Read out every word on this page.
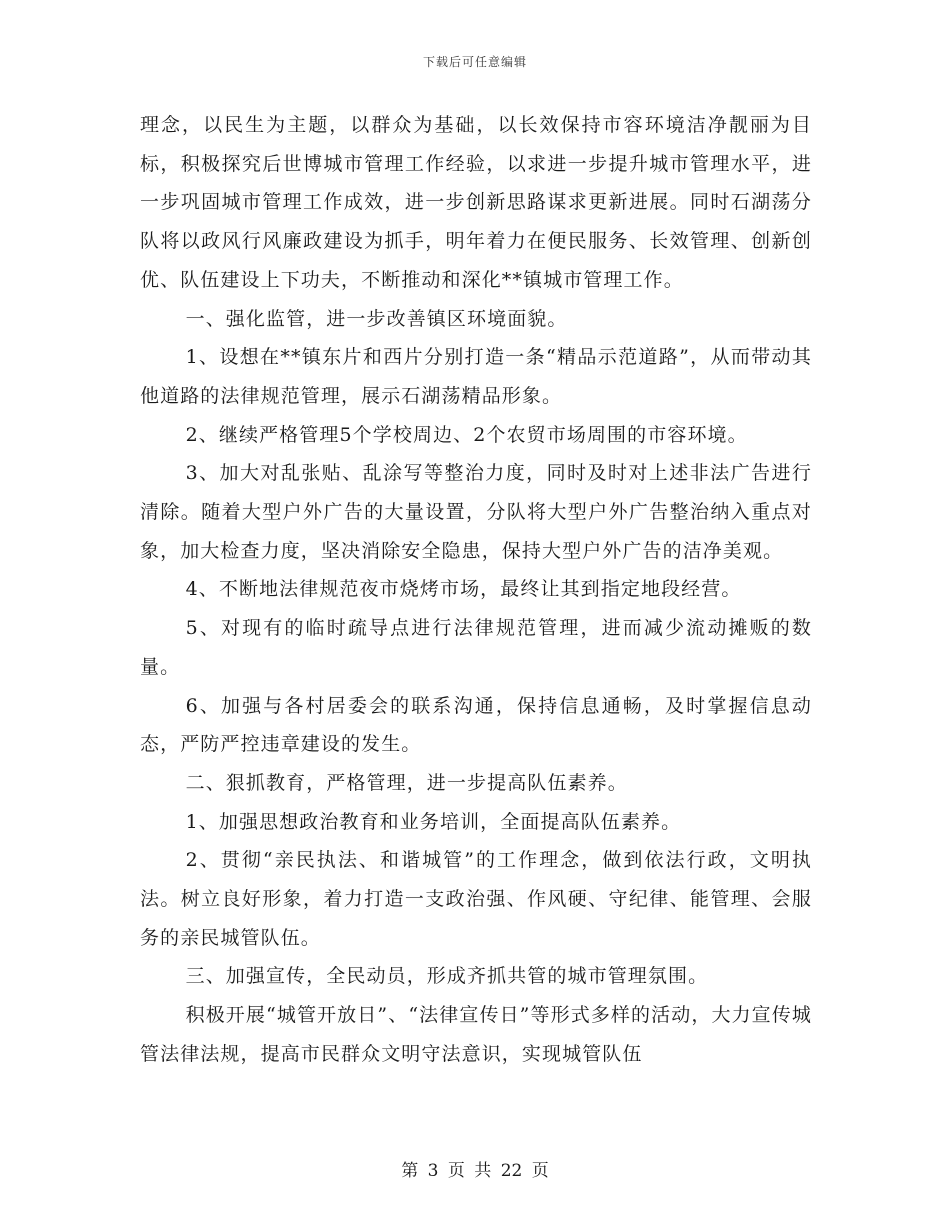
下载后可任意编辑

理念，以民生为主题，以群众为基础，以长效保持市容环境洁净靓丽为目标，积极探究后世博城市管理工作经验，以求进一步提升城市管理水平，进一步巩固城市管理工作成效，进一步创新思路谋求更新进展。同时石湖荡分队将以政风行风廉政建设为抓手，明年着力在便民服务、长效管理、创新创优、队伍建设上下功夫，不断推动和深化**镇城市管理工作。

一、强化监管，进一步改善镇区环境面貌。

1、设想在**镇东片和西片分别打造一条“精品示范道路”，从而带动其他道路的法律规范管理，展示石湖荡精品形象。

2、继续严格管理5个学校周边、2个农贸市场周围的市容环境。

3、加大对乱张贴、乱涂写等整治力度，同时及时对上述非法广告进行清除。随着大型户外广告的大量设置，分队将大型户外广告整治纳入重点对象，加大检查力度，坚决消除安全隐患，保持大型户外广告的洁净美观。

4、不断地法律规范夜市烧烤市场，最终让其到指定地段经营。

5、对现有的临时疏导点进行法律规范管理，进而减少流动摊贩的数量。

6、加强与各村居委会的联系沟通，保持信息通畅，及时掌握信息动态，严防严控违章建设的发生。

二、狠抓教育，严格管理，进一步提高队伍素养。

1、加强思想政治教育和业务培训，全面提高队伍素养。

2、贯彻“亲民执法、和谐城管”的工作理念，做到依法行政，文明执法。树立良好形象，着力打造一支政治强、作风硬、守纪律、能管理、会服务的亲民城管队伍。

三、加强宣传，全民动员，形成齐抓共管的城市管理氛围。

积极开展“城管开放日”、“法律宣传日”等形式多样的活动，大力宣传城管法律法规，提高市民群众文明守法意识，实现城管队伍

第 3 页 共 22 页
